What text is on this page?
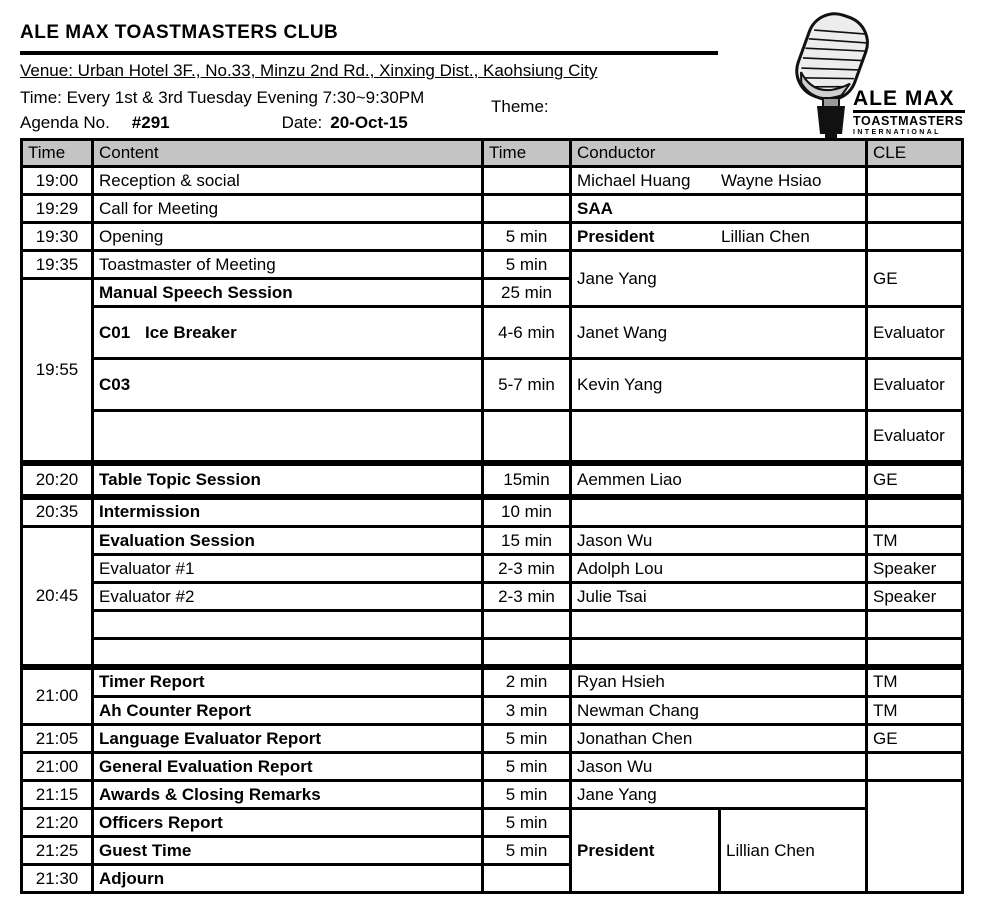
ALE MAX TOASTMASTERS CLUB
Venue: Urban Hotel 3F., No.33, Minzu 2nd Rd., Xinxing Dist., Kaohsiung City
Time: Every 1st & 3rd Tuesday Evening 7:30~9:30PM	Theme:
Agenda No. #291	Date: 20-Oct-15
ALE MAX
TOASTMASTERS
INTERNATIONAL
Time	Content	Time	Conductor		CLE
19:00	Reception & social		Michael Huang Wayne Hsiao		
19:29	Call for Meeting		SAA		
19:30	Opening	5 min	President Lillian Chen		
19:35	Toastmaster of Meeting	5 min	Jane Yang		GE
19:55	Manual Speech Session	25 min			
	C01 Ice Breaker	4-6 min	Janet Wang		Evaluator
	C03	5-7 min	Kevin Yang		Evaluator
					Evaluator
20:20	Table Topic Session	15min	Aemmen Liao		GE
20:35	Intermission	10 min			
20:45	Evaluation Session	15 min	Jason Wu		TM
	Evaluator #1	2-3 min	Adolph Lou		Speaker
	Evaluator #2	2-3 min	Julie Tsai		Speaker

21:00	Timer Report	2 min	Ryan Hsieh		TM
	Ah Counter Report	3 min	Newman Chang		TM
21:05	Language Evaluator Report	5 min	Jonathan Chen		GE
21:00	General Evaluation Report	5 min	Jason Wu		
21:15	Awards & Closing Remarks	5 min	Jane Yang		
21:20	Officers Report	5 min	President	Lillian Chen	
21:25	Guest Time	5 min			
21:30	Adjourn				
